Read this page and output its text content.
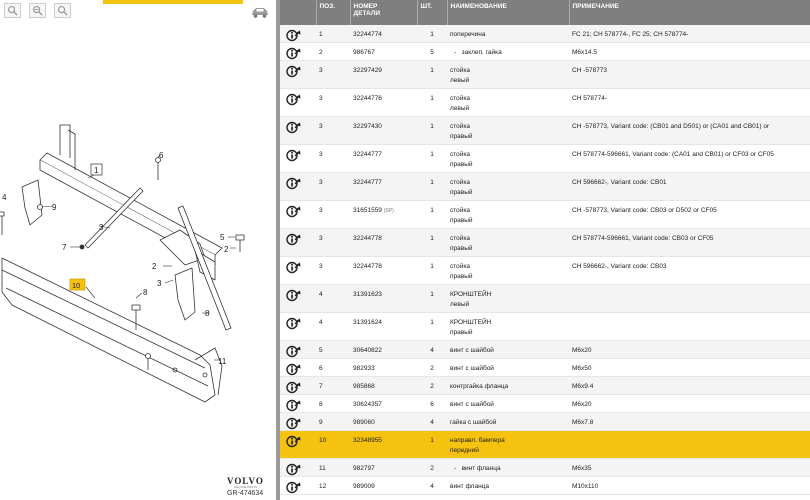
1
6
9
4
3
7
2
3
5
2
8
8
11
10
VOLVO
GEN·INE PARTS
GR-474634
	ПОЗ.	НОМЕР
ДЕТАЛИ	ШТ.	НАИМЕНОВАНИЕ	ПРИМЕЧАНИЕ

	1	32244774	1	поперечина	FC 21; CH 578774-, FC 25; CH 578774-

	2	986767	5	-   заклеп. гайка	M6x14.5

	3	32297429	1	стойка
левый	CH -578773

	3	32244776	1	стойка
левый	CH 578774-

	3	32297430	1	стойка
правый	CH -578773, Variant code: (CB01 and D501) or (CA01 and CB01) or

	3	32244777	1	стойка
правый	CH 578774-596661, Variant code: (CA01 and CB01) or CF03 or CF05

	3	32244777	1	стойка
правый	CH 596662-, Variant code: CB01

	3	31651559 (SP)	1	стойка
правый	CH -578773, Variant code: CB03 or D502 or CF05

	3	32244778	1	стойка
правый	CH 578774-596661, Variant code: CB03 or CF05

	3	32244778	1	стойка
правый	CH 596662-, Variant code: CB03

	4	31391623	1	КРОНШТЕЙН
левый	

	4	31391624	1	КРОНШТЕЙН
правый	

	5	30640822	4	винт с шайбой	M6x20

	6	982933	2	винт с шайбой	M6x50

	7	985868	2	контргайка фланца	M6x9.4

	8	30624357	6	винт с шайбой	M6x20

	9	989060	4	гайка с шайбой	M6x7.8

	10	32348955	1	направл. бампера
передний	

	11	982797	2	-   винт фланца	M6x35

	12	989009	4	винт фланца	M10x110
